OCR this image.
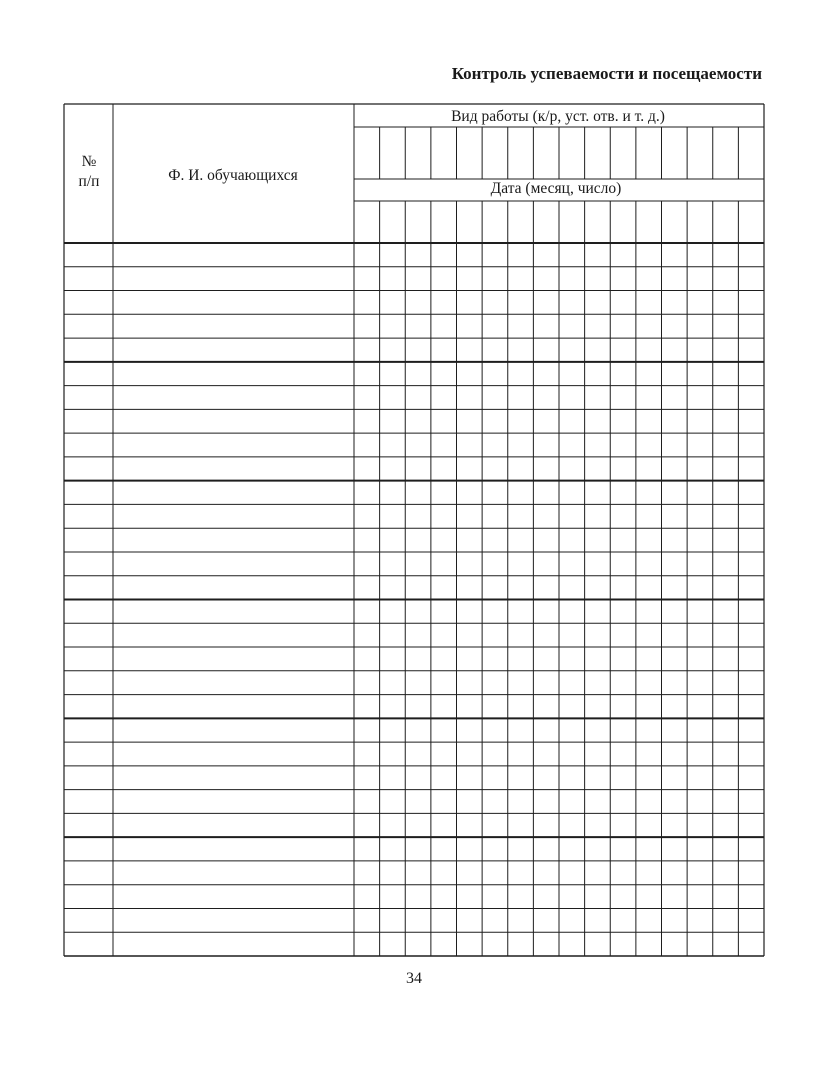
Контроль успеваемости и посещаемости
№
п/п	Ф. И. обучающихся
Вид работы (к/р, уст. отв. и т. д.)
Дата (месяц, число)
34
